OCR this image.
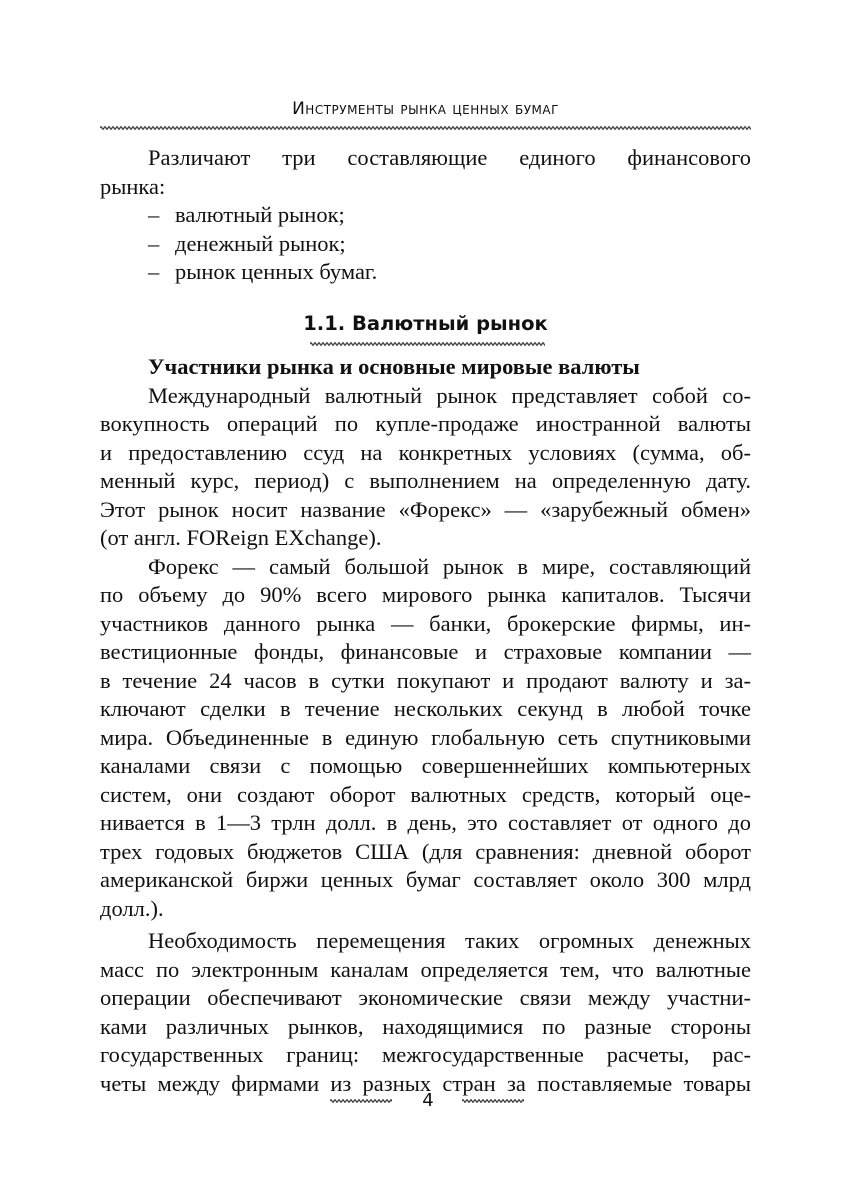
Инструменты рынка ценных бумаг
Различают три составляющие единого финансового
рынка:
– валютный рынок;
– денежный рынок;
– рынок ценных бумаг.
1.1. Валютный рынок
Участники рынка и основные мировые валюты
Международный валютный рынок представляет собой со-
вокупность операций по купле-продаже иностранной валюты
и предоставлению ссуд на конкретных условиях (сумма, об-
менный курс, период) с выполнением на определенную дату.
Этот рынок носит название «Форекс» — «зарубежный обмен»
(от англ. FOReign EXchange).
Форекс — самый большой рынок в мире, составляющий
по объему до 90% всего мирового рынка капиталов. Тысячи
участников данного рынка — банки, брокерские фирмы, ин-
вестиционные фонды, финансовые и страховые компании —
в течение 24 часов в сутки покупают и продают валюту и за-
ключают сделки в течение нескольких секунд в любой точке
мира. Объединенные в единую глобальную сеть спутниковыми
каналами связи с помощью совершеннейших компьютерных
систем, они создают оборот валютных средств, который оце-
нивается в 1—3 трлн долл. в день, это составляет от одного до
трех годовых бюджетов США (для сравнения: дневной оборот
американской биржи ценных бумаг составляет около 300 млрд
долл.).
Необходимость перемещения таких огромных денежных
масс по электронным каналам определяется тем, что валютные
операции обеспечивают экономические связи между участни-
ками различных рынков, находящимися по разные стороны
государственных границ: межгосударственные расчеты, рас-
четы между фирмами из разных стран за поставляемые товары
4
